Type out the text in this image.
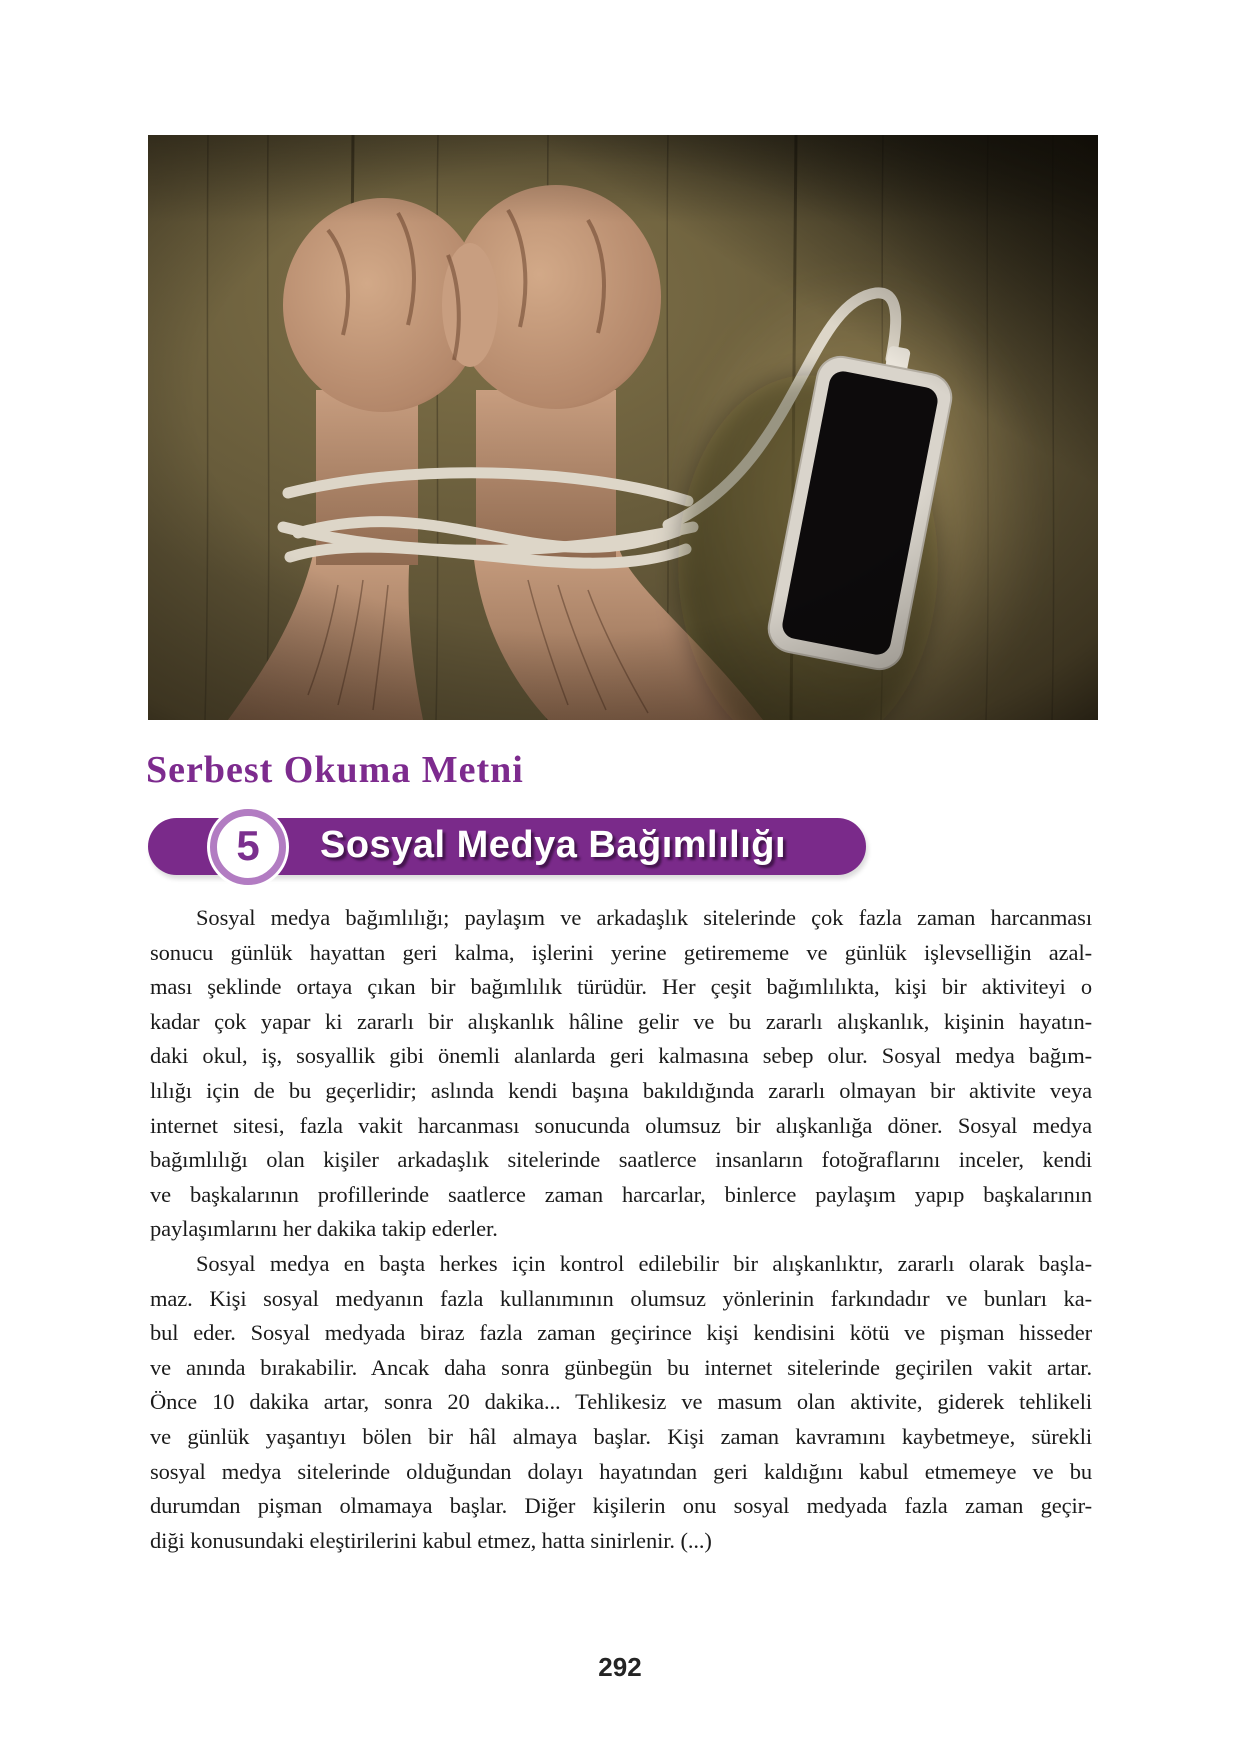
Serbest Okuma Metni
5 Sosyal Medya Bağımlılığı
Sosyal medya bağımlılığı; paylaşım ve arkadaşlık sitelerinde çok fazla zaman harcanması
sonucu günlük hayattan geri kalma, işlerini yerine getirememe ve günlük işlevselliğin azal-
ması şeklinde ortaya çıkan bir bağımlılık türüdür. Her çeşit bağımlılıkta, kişi bir aktiviteyi o
kadar çok yapar ki zararlı bir alışkanlık hâline gelir ve bu zararlı alışkanlık, kişinin hayatın-
daki okul, iş, sosyallik gibi önemli alanlarda geri kalmasına sebep olur. Sosyal medya bağım-
lılığı için de bu geçerlidir; aslında kendi başına bakıldığında zararlı olmayan bir aktivite veya
internet sitesi, fazla vakit harcanması sonucunda olumsuz bir alışkanlığa döner. Sosyal medya
bağımlılığı olan kişiler arkadaşlık sitelerinde saatlerce insanların fotoğraflarını inceler, kendi
ve başkalarının profillerinde saatlerce zaman harcarlar, binlerce paylaşım yapıp başkalarının
paylaşımlarını her dakika takip ederler.
Sosyal medya en başta herkes için kontrol edilebilir bir alışkanlıktır, zararlı olarak başla-
maz. Kişi sosyal medyanın fazla kullanımının olumsuz yönlerinin farkındadır ve bunları ka-
bul eder. Sosyal medyada biraz fazla zaman geçirince kişi kendisini kötü ve pişman hisseder
ve anında bırakabilir. Ancak daha sonra günbegün bu internet sitelerinde geçirilen vakit artar.
Önce 10 dakika artar, sonra 20 dakika... Tehlikesiz ve masum olan aktivite, giderek tehlikeli
ve günlük yaşantıyı bölen bir hâl almaya başlar. Kişi zaman kavramını kaybetmeye, sürekli
sosyal medya sitelerinde olduğundan dolayı hayatından geri kaldığını kabul etmemeye ve bu
durumdan pişman olmamaya başlar. Diğer kişilerin onu sosyal medyada fazla zaman geçir-
diği konusundaki eleştirilerini kabul etmez, hatta sinirlenir. (...)
292
